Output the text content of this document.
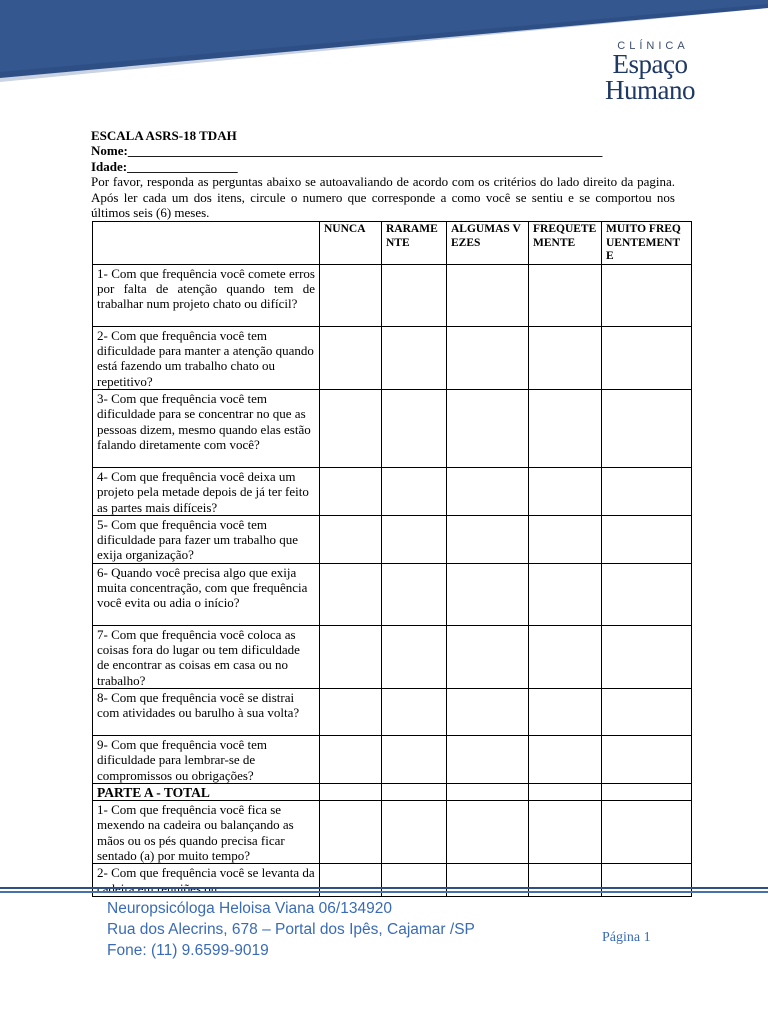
CLÍNICA
Espaço
Humano
ESCALA ASRS-18 TDAH
Nome:_________________________________________________________________________
Idade:_________________
Por favor, responda as perguntas abaixo se autoavaliando de acordo com os critérios do lado direito da pagina. Após ler cada um dos itens, circule o numero que corresponde a como você se sentiu e se comportou nos últimos seis (6) meses.
	NUNCA	RARAMENTE	ALGUMAS VEZES	FREQUETEMENTE	MUITO FREQUENTEMENTE
1- Com que frequência você comete erros por falta de atenção quando tem de trabalhar num projeto chato ou difícil?					
2- Com que frequência você tem dificuldade para manter a atenção quando está fazendo um trabalho chato ou repetitivo?					
3- Com que frequência você tem dificuldade para se concentrar no que as pessoas dizem, mesmo quando elas estão falando diretamente com você?					
4- Com que frequência você deixa um projeto pela metade depois de já ter feito as partes mais difíceis?					
5- Com que frequência você tem dificuldade para fazer um trabalho que exija organização?					
6- Quando você precisa algo que exija muita concentração, com que frequência você evita ou adia o início?					
7- Com que frequência você coloca as coisas fora do lugar ou tem dificuldade de encontrar as coisas em casa ou no trabalho?					
8- Com que frequência você se distrai com atividades ou barulho à sua volta?					
9- Com que frequência você tem dificuldade para lembrar-se de compromissos ou obrigações?					
PARTE A - TOTAL					
1- Com que frequência você fica se mexendo na cadeira ou balançando as mãos ou os pés quando precisa ficar sentado (a) por muito tempo?					
2- Com que frequência você se levanta da					
Neuropsicóloga Heloisa Viana 06/134920
Rua dos Alecrins, 678 – Portal dos Ipês, Cajamar /SP
Fone: (11) 9.6599-9019
Página 1
